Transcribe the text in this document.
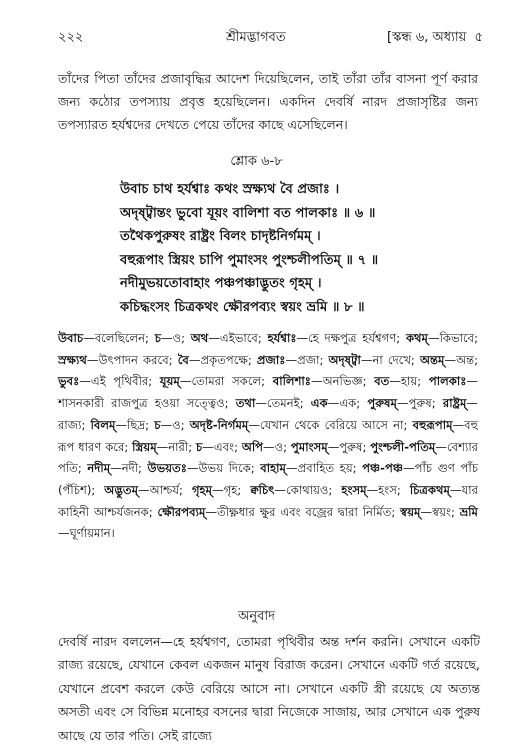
২২২	শ্রীমদ্ভাগবত	[স্কন্ধ ৬, অধ্যায়  ৫
তাঁদের পিতা তাঁদের প্রজাবৃদ্ধির আদেশ দিয়েছিলেন, তাই তাঁরা তাঁর বাসনা পূর্ণ করার জন্য কঠোর তপস্যায় প্রবৃত্ত হয়েছিলেন। একদিন দেবর্ষি নারদ প্রজাসৃষ্টির জন্য তপস্যারত হর্যশ্বদের দেখতে পেয়ে তাঁদের কাছে এসেছিলেন।
শ্লোক ৬-৮
উবাচ চাথ হর্যশ্বাঃ কথং স্রক্ষ্যথ বৈ প্রজাঃ ।
অদৃষ্ট্বান্তং ভুবো যূয়ং বালিশা বত পালকাঃ ॥ ৬ ॥
তথৈকপুরুষং রাষ্ট্রং বিলং চাদৃষ্টনির্গমম্ ।
বহুরূপাং স্ত্রিয়ং চাপি পুমাংসং পুংশ্চলীপতিম্ ॥ ৭ ॥
নদীমুভয়তোবাহাং পঞ্চপঞ্চাদ্ভুতং গৃহম্ ।
কচিদ্ধংসং চিত্রকথং ক্ষৌরপব্যং স্বয়ং ভ্রমি ॥ ৮ ॥
উবাচ—বলেছিলেন; চ—ও; অথ—এইভাবে; হর্যশ্বাঃ—হে দক্ষপুত্র হর্যশ্বগণ; কথম্—কিভাবে; স্রক্ষ্যথ—উৎপাদন করবে; বৈ—প্রকৃতপক্ষে; প্রজাঃ—প্রজা; অদৃষ্ট্বা—না দেখে; অন্তম্—অন্ত; ভুবঃ—এই পৃথিবীর; যূয়ম্—তোমরা সকলে; বালিশাঃ—অনভিজ্ঞ; বত—হায়; পালকাঃ—শাসনকারী রাজপুত্র হওয়া সত্ত্বেও; তথা—তেমনই; এক—এক; পুরুষম্—পুরুষ; রাষ্ট্রম্—রাজ্য; বিলম্—ছিদ্র; চ—ও; অদৃষ্ট-নির্গমম্—যেখান থেকে বেরিয়ে আসে না; বহুরূপাম্—বহু রূপ ধারণ করে; স্ত্রিয়ম্—নারী; চ—এবং; অপি—ও; পুমাংসম্—পুরুষ; পুংশ্চলী-পতিম্—বেশ্যার পতি; নদীম্—নদী; উভয়তঃ—উভয় দিকে; বাহাম্—প্রবাহিত হয়; পঞ্চ-পঞ্চ—পাঁচ গুণ পাঁচ (পঁচিশ); অদ্ভুতম্—আশ্চর্য; গৃহম্—গৃহ; ক্বচিৎ—কোথায়ও; হংসম্—হংস; চিত্রকথম্—যার কাহিনী আশ্চর্যজনক; ক্ষৌরপব্যম্—তীক্ষ্ণধার ক্ষুর এবং বজ্রের দ্বারা নির্মিত; স্বয়ম্—স্বয়ং; ভ্রমি—ঘূর্ণায়মান।
অনুবাদ
দেবর্ষি নারদ বললেন—হে হর্যশ্বগণ, তোমরা পৃথিবীর অন্ত দর্শন করনি। সেখানে একটি রাজ্য রয়েছে, যেখানে কেবল একজন মানুষ বিরাজ করেন। সেখানে একটি গর্ত রয়েছে, যেখানে প্রবেশ করলে কেউ বেরিয়ে আসে না। সেখানে একটি স্ত্রী রয়েছে যে অত্যন্ত অসতী এবং সে বিভিন্ন মনোহর বসনের দ্বারা নিজেকে সাজায়, আর সেখানে এক পুরুষ আছে যে তার পতি। সেই রাজ্যে
